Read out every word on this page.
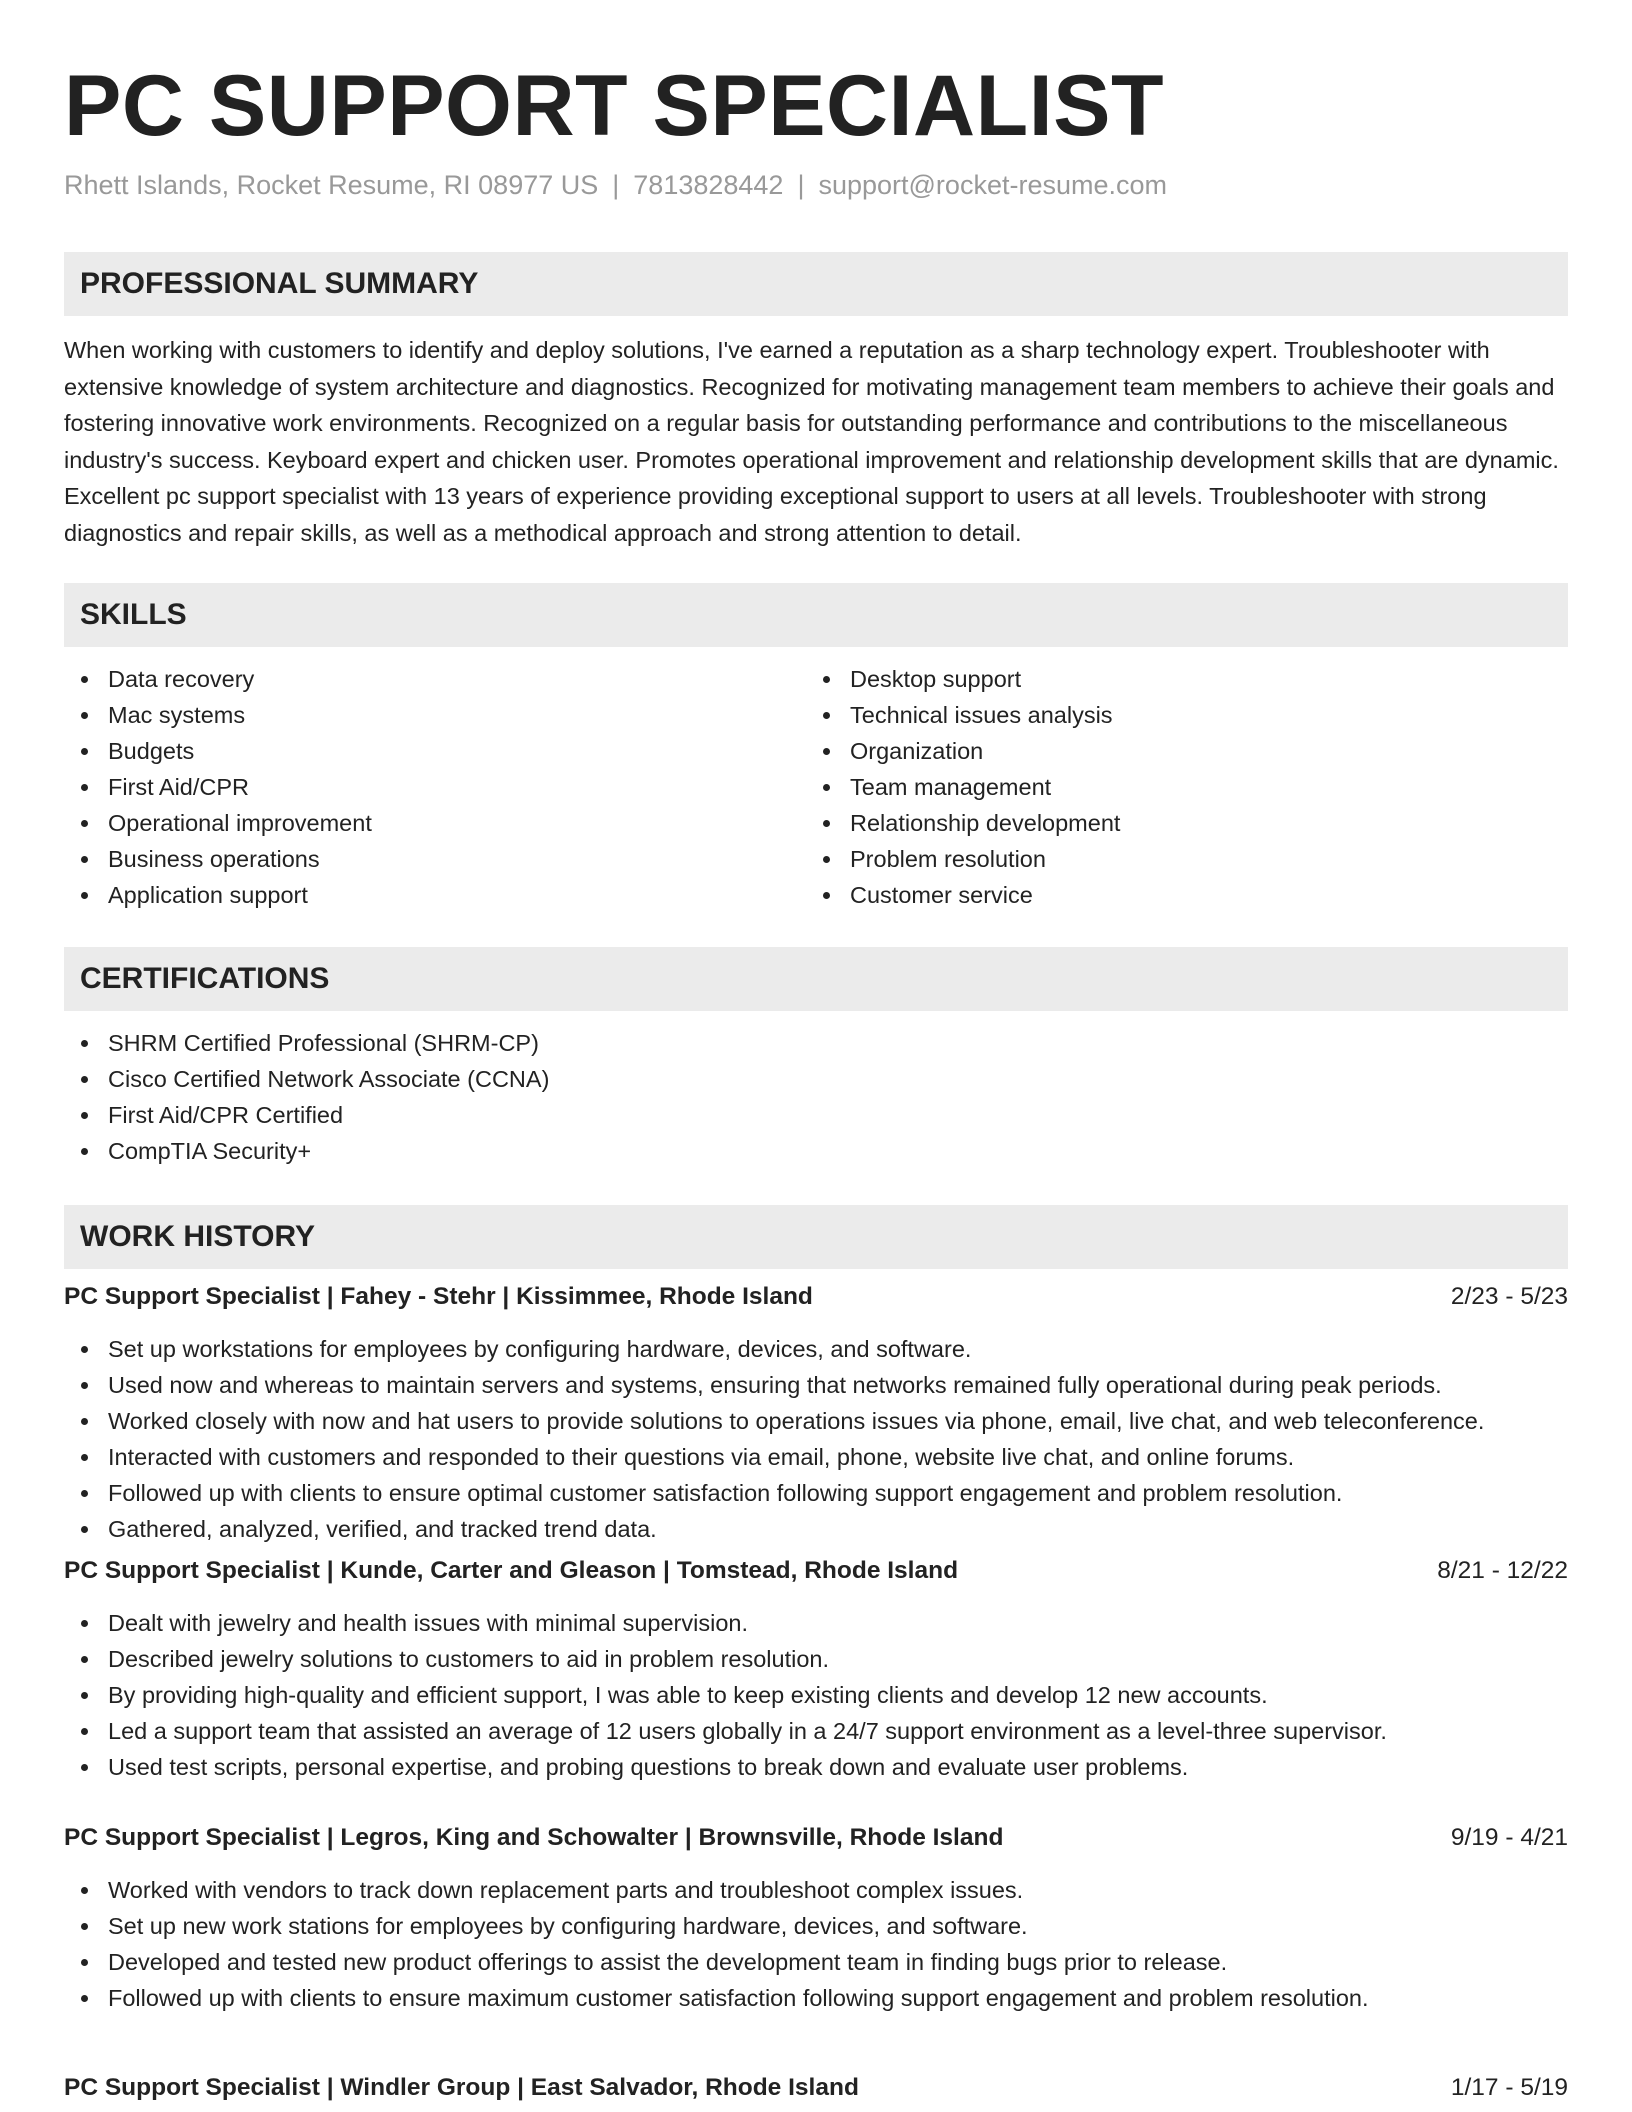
PC SUPPORT SPECIALIST
Rhett Islands, Rocket Resume, RI 08977 US | 7813828442 | support@rocket-resume.com
PROFESSIONAL SUMMARY

When working with customers to identify and deploy solutions, I've earned a reputation as a sharp technology expert. Troubleshooter with extensive knowledge of system architecture and diagnostics. Recognized for motivating management team members to achieve their goals and fostering innovative work environments. Recognized on a regular basis for outstanding performance and contributions to the miscellaneous industry's success. Keyboard expert and chicken user. Promotes operational improvement and relationship development skills that are dynamic. Excellent pc support specialist with 13 years of experience providing exceptional support to users at all levels. Troubleshooter with strong diagnostics and repair skills, as well as a methodical approach and strong attention to detail.

SKILLS
Data recovery
Mac systems
Budgets
First Aid/CPR
Operational improvement
Business operations
Application support
Desktop support
Technical issues analysis
Organization
Team management
Relationship development
Problem resolution
Customer service
CERTIFICATIONS
SHRM Certified Professional (SHRM-CP)
Cisco Certified Network Associate (CCNA)
First Aid/CPR Certified
CompTIA Security+
WORK HISTORY
PC Support Specialist | Fahey - Stehr | Kissimmee, Rhode Island	2/23 - 5/23
Set up workstations for employees by configuring hardware, devices, and software.
Used now and whereas to maintain servers and systems, ensuring that networks remained fully operational during peak periods.
Worked closely with now and hat users to provide solutions to operations issues via phone, email, live chat, and web teleconference.
Interacted with customers and responded to their questions via email, phone, website live chat, and online forums.
Followed up with clients to ensure optimal customer satisfaction following support engagement and problem resolution.
Gathered, analyzed, verified, and tracked trend data.
PC Support Specialist | Kunde, Carter and Gleason | Tomstead, Rhode Island	8/21 - 12/22
Dealt with jewelry and health issues with minimal supervision.
Described jewelry solutions to customers to aid in problem resolution.
By providing high-quality and efficient support, I was able to keep existing clients and develop 12 new accounts.
Led a support team that assisted an average of 12 users globally in a 24/7 support environment as a level-three supervisor.
Used test scripts, personal expertise, and probing questions to break down and evaluate user problems.
PC Support Specialist | Legros, King and Schowalter | Brownsville, Rhode Island	9/19 - 4/21
Worked with vendors to track down replacement parts and troubleshoot complex issues.
Set up new work stations for employees by configuring hardware, devices, and software.
Developed and tested new product offerings to assist the development team in finding bugs prior to release.
Followed up with clients to ensure maximum customer satisfaction following support engagement and problem resolution.
PC Support Specialist | Windler Group | East Salvador, Rhode Island	1/17 - 5/19
